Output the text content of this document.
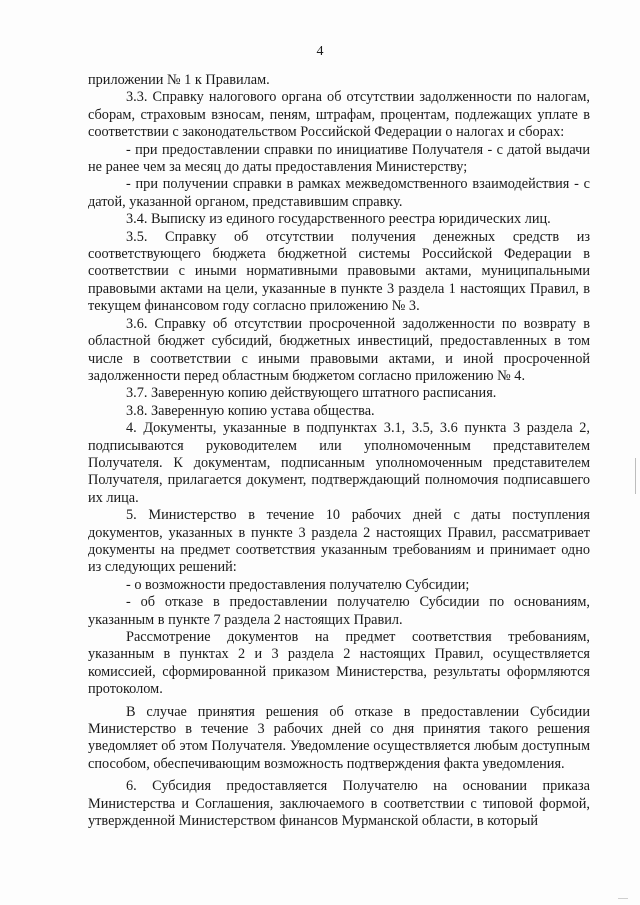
4

приложении № 1 к Правилам.

3.3. Справку налогового органа об отсутствии задолженности по налогам, сборам, страховым взносам, пеням, штрафам, процентам, подлежащих уплате в соответствии с законодательством Российской Федерации о налогах и сборах:

- при предоставлении справки по инициативе Получателя - с датой выдачи не ранее чем за месяц до даты предоставления Министерству;

- при получении справки в рамках межведомственного взаимодействия - с датой, указанной органом, представившим справку.

3.4. Выписку из единого государственного реестра юридических лиц.

3.5. Справку об отсутствии получения денежных средств из соответствующего бюджета бюджетной системы Российской Федерации в соответствии с иными нормативными правовыми актами, муниципальными правовыми актами на цели, указанные в пункте 3 раздела 1 настоящих Правил, в текущем финансовом году согласно приложению № 3.

3.6. Справку об отсутствии просроченной задолженности по возврату в областной бюджет субсидий, бюджетных инвестиций, предоставленных в том числе в соответствии с иными правовыми актами, и иной просроченной задолженности перед областным бюджетом согласно приложению № 4.

3.7. Заверенную копию действующего штатного расписания.

3.8. Заверенную копию устава общества.

4. Документы, указанные в подпунктах 3.1, 3.5, 3.6 пункта 3 раздела 2, подписываются руководителем или уполномоченным представителем Получателя. К документам, подписанным уполномоченным представителем Получателя, прилагается документ, подтверждающий полномочия подписавшего их лица.

5. Министерство в течение 10 рабочих дней с даты поступления документов, указанных в пункте 3 раздела 2 настоящих Правил, рассматривает документы на предмет соответствия указанным требованиям и принимает одно из следующих решений:

- о возможности предоставления получателю Субсидии;

- об отказе в предоставлении получателю Субсидии по основаниям, указанным в пункте 7 раздела 2 настоящих Правил.

Рассмотрение документов на предмет соответствия требованиям, указанным в пунктах 2 и 3 раздела 2 настоящих Правил, осуществляется комиссией, сформированной приказом Министерства, результаты оформляются протоколом.

В случае принятия решения об отказе в предоставлении Субсидии Министерство в течение 3 рабочих дней со дня принятия такого решения уведомляет об этом Получателя. Уведомление осуществляется любым доступным способом, обеспечивающим возможность подтверждения факта уведомления.

6. Субсидия предоставляется Получателю на основании приказа Министерства и Соглашения, заключаемого в соответствии с типовой формой, утвержденной Министерством финансов Мурманской области, в который
